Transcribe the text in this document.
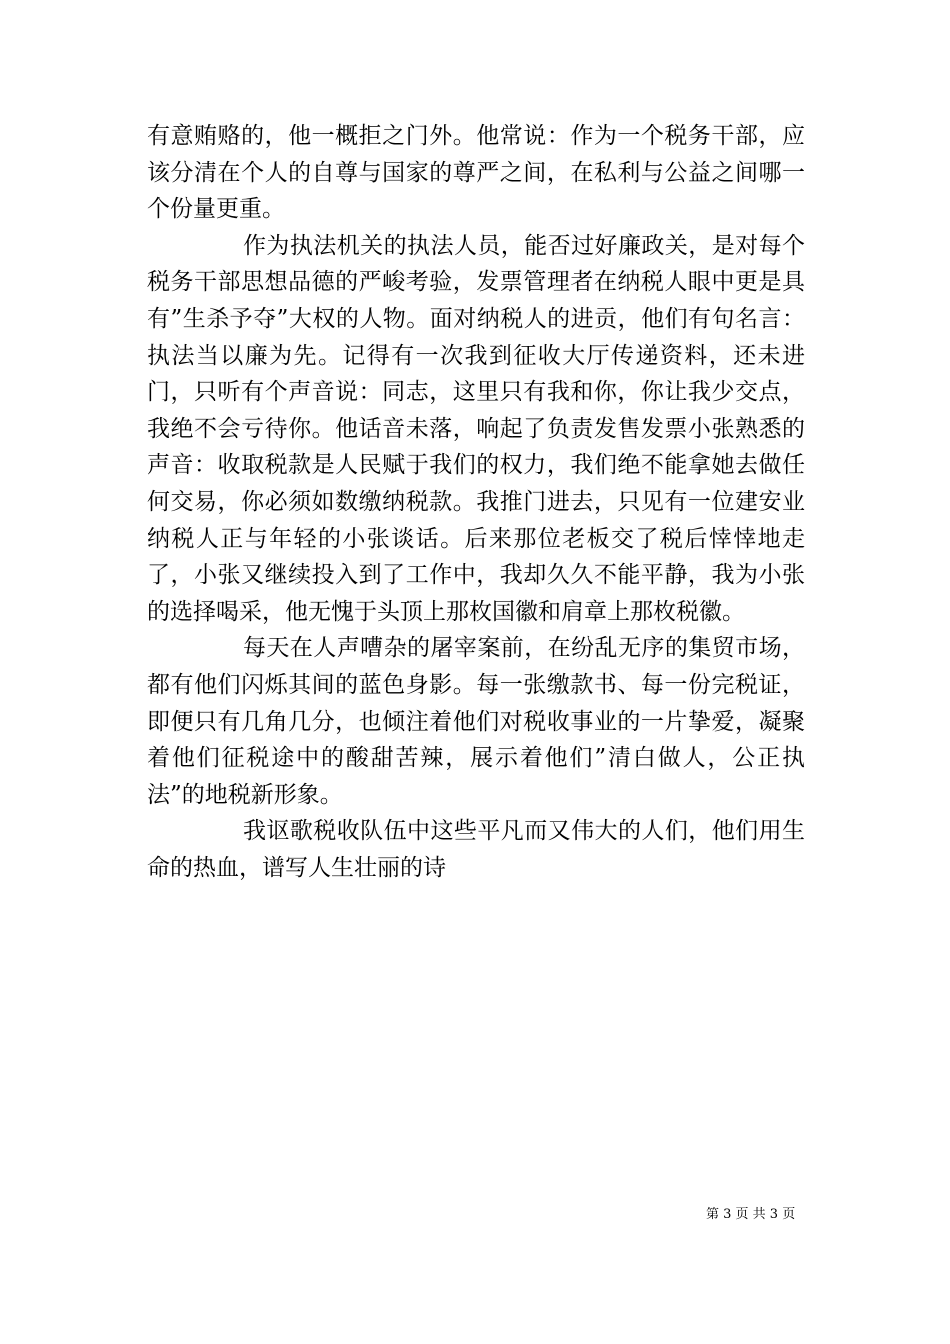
有意贿赂的，他一概拒之门外。他常说：作为一个税务干部，应该分清在个人的自尊与国家的尊严之间，在私利与公益之间哪一个份量更重。

作为执法机关的执法人员，能否过好廉政关，是对每个税务干部思想品德的严峻考验，发票管理者在纳税人眼中更是具有”生杀予夺”大权的人物。面对纳税人的进贡，他们有句名言：执法当以廉为先。记得有一次我到征收大厅传递资料，还未进门，只听有个声音说：同志，这里只有我和你，你让我少交点，我绝不会亏待你。他话音未落，响起了负责发售发票小张熟悉的声音：收取税款是人民赋于我们的权力，我们绝不能拿她去做任何交易，你必须如数缴纳税款。我推门进去，只见有一位建安业纳税人正与年轻的小张谈话。后来那位老板交了税后悻悻地走了，小张又继续投入到了工作中，我却久久不能平静，我为小张的选择喝采，他无愧于头顶上那枚国徽和肩章上那枚税徽。

每天在人声嘈杂的屠宰案前，在纷乱无序的集贸市场，都有他们闪烁其间的蓝色身影。每一张缴款书、每一份完税证，即便只有几角几分，也倾注着他们对税收事业的一片挚爱，凝聚着他们征税途中的酸甜苦辣，展示着他们”清白做人，公正执法”的地税新形象。

我讴歌税收队伍中这些平凡而又伟大的人们，他们用生命的热血，谱写人生壮丽的诗

第 3 页 共 3 页
